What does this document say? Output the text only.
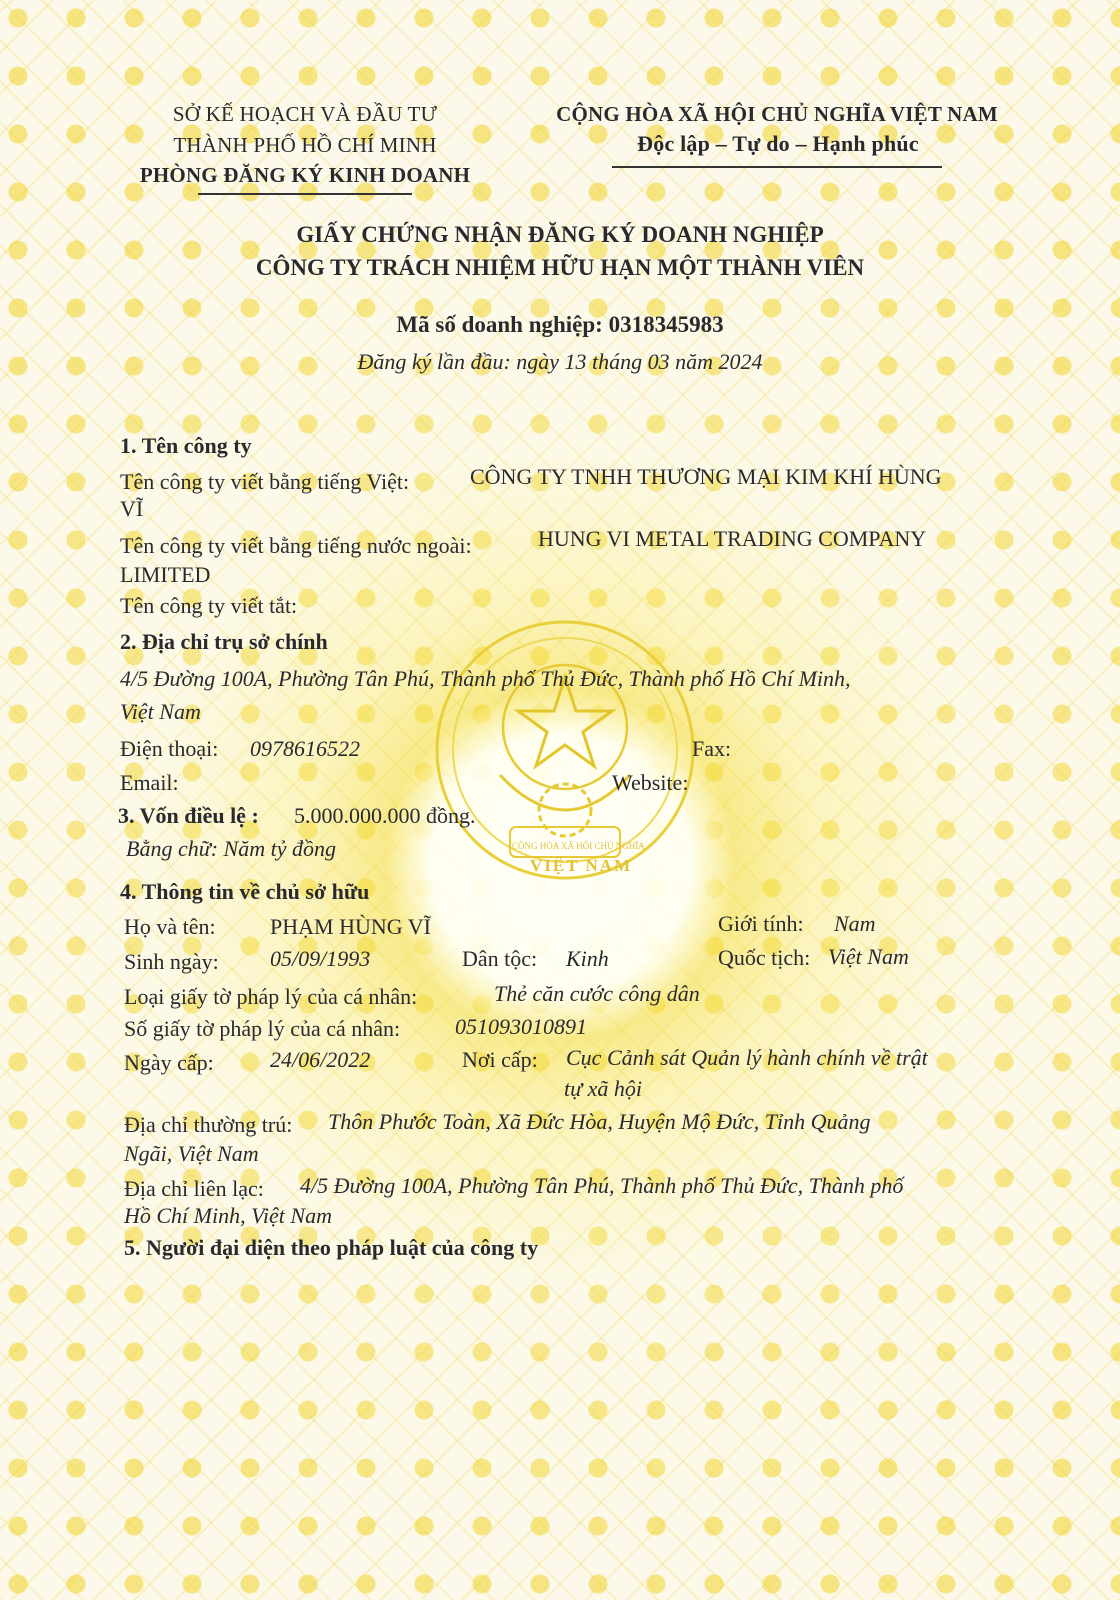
CỘNG HÒA XÃ HỘI CHỦ NGHĨA
VIỆT NAM
SỞ KẾ HOẠCH VÀ ĐẦU TƯ
THÀNH PHỐ HỒ CHÍ MINH
PHÒNG ĐĂNG KÝ KINH DOANH
CỘNG HÒA XÃ HỘI CHỦ NGHĨA VIỆT NAM
Độc lập – Tự do – Hạnh phúc
GIẤY CHỨNG NHẬN ĐĂNG KÝ DOANH NGHIỆP
CÔNG TY TRÁCH NHIỆM HỮU HẠN MỘT THÀNH VIÊN
Mã số doanh nghiệp: 0318345983
Đăng ký lần đầu: ngày 13 tháng 03 năm 2024
1. Tên công ty
Tên công ty viết bằng tiếng Việt:	CÔNG TY TNHH THƯƠNG MẠI KIM KHÍ HÙNG
VĨ
Tên công ty viết bằng tiếng nước ngoài:	HUNG VI METAL TRADING COMPANY
LIMITED
Tên công ty viết tắt:
2. Địa chỉ trụ sở chính
4/5 Đường 100A, Phường Tân Phú, Thành phố Thủ Đức, Thành phố Hồ Chí Minh,
Việt Nam
Điện thoại: 0978616522	Fax:
Email:	Website:
3. Vốn điều lệ : 5.000.000.000 đồng.
Bằng chữ: Năm tỷ đồng
4. Thông tin về chủ sở hữu
Họ và tên: PHẠM HÙNG VĨ	Giới tính: Nam
Sinh ngày: 05/09/1993	Dân tộc: Kinh	Quốc tịch: Việt Nam
Loại giấy tờ pháp lý của cá nhân:	Thẻ căn cước công dân
Số giấy tờ pháp lý của cá nhân: 051093010891
Ngày cấp:	24/06/2022	Nơi cấp: Cục Cảnh sát Quản lý hành chính về trật
tự xã hội
Địa chỉ thường trú: Thôn Phước Toàn, Xã Đức Hòa, Huyện Mộ Đức, Tỉnh Quảng
Ngãi, Việt Nam
Địa chỉ liên lạc: 4/5 Đường 100A, Phường Tân Phú, Thành phố Thủ Đức, Thành phố
Hồ Chí Minh, Việt Nam
5. Người đại diện theo pháp luật của công ty
